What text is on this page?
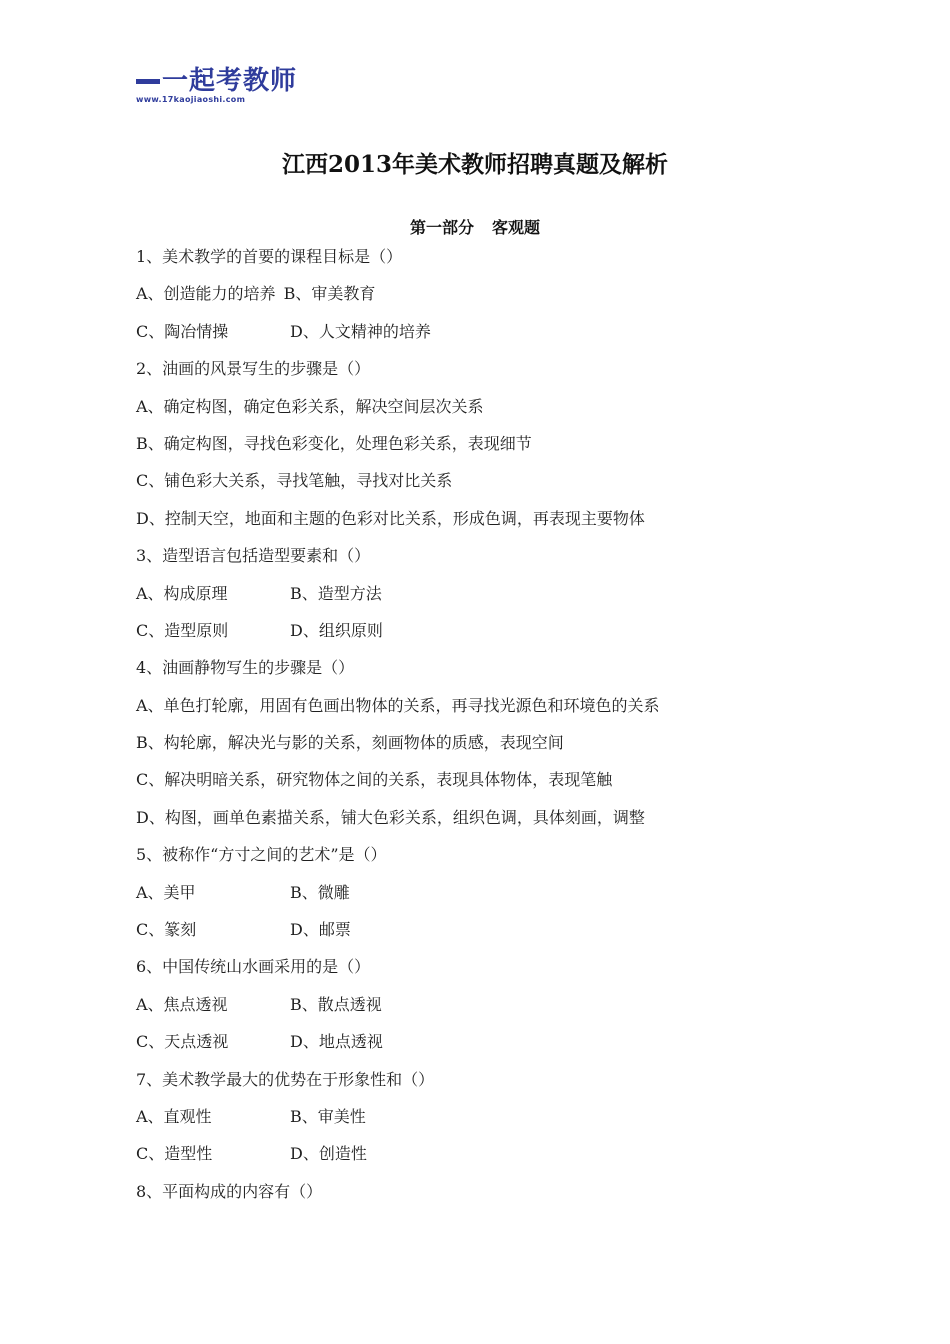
一起考教师
www.17kaojiaoshi.com
江西2013年美术教师招聘真题及解析
第一部分 客观题
1、美术教学的首要的课程目标是（）
A、创造能力的培养 B、审美教育
C、陶冶情操	D、人文精神的培养
2、油画的风景写生的步骤是（）
A、确定构图，确定色彩关系，解决空间层次关系
B、确定构图，寻找色彩变化，处理色彩关系，表现细节
C、铺色彩大关系，寻找笔触，寻找对比关系
D、控制天空，地面和主题的色彩对比关系，形成色调，再表现主要物体
3、造型语言包括造型要素和（）
A、构成原理	B、造型方法
C、造型原则	D、组织原则
4、油画静物写生的步骤是（）
A、单色打轮廓，用固有色画出物体的关系，再寻找光源色和环境色的关系
B、构轮廓，解决光与影的关系，刻画物体的质感，表现空间
C、解决明暗关系，研究物体之间的关系，表现具体物体，表现笔触
D、构图，画单色素描关系，铺大色彩关系，组织色调，具体刻画，调整
5、被称作“方寸之间的艺术”是（）
A、美甲	B、微雕
C、篆刻	D、邮票
6、中国传统山水画采用的是（）
A、焦点透视	B、散点透视
C、天点透视	D、地点透视
7、美术教学最大的优势在于形象性和（）
A、直观性	B、审美性
C、造型性	D、创造性
8、平面构成的内容有（）
